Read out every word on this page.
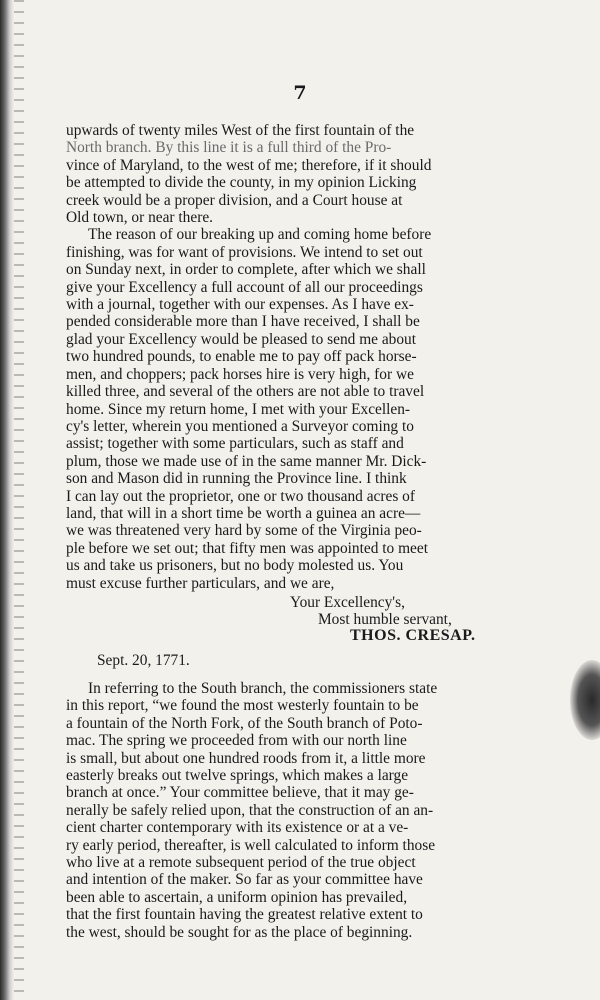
7

upwards of twenty miles West of the first fountain of the
North branch. By this line it is a full third of the Pro-
vince of Maryland, to the west of me; therefore, if it should
be attempted to divide the county, in my opinion Licking
creek would be a proper division, and a Court house at
Old town, or near there.
The reason of our breaking up and coming home before
finishing, was for want of provisions. We intend to set out
on Sunday next, in order to complete, after which we shall
give your Excellency a full account of all our proceedings
with a journal, together with our expenses. As I have ex-
pended considerable more than I have received, I shall be
glad your Excellency would be pleased to send me about
two hundred pounds, to enable me to pay off pack horse-
men, and choppers; pack horses hire is very high, for we
killed three, and several of the others are not able to travel
home. Since my return home, I met with your Excellen-
cy's letter, wherein you mentioned a Surveyor coming to
assist; together with some particulars, such as staff and
plum, those we made use of in the same manner Mr. Dick-
son and Mason did in running the Province line. I think
I can lay out the proprietor, one or two thousand acres of
land, that will in a short time be worth a guinea an acre—
we was threatened very hard by some of the Virginia peo-
ple before we set out; that fifty men was appointed to meet
us and take us prisoners, but no body molested us. You
must excuse further particulars, and we are,
Your Excellency's,
Most humble servant,
THOS. CRESAP.
Sept. 20, 1771.
In referring to the South branch, the commissioners state
in this report, “we found the most westerly fountain to be
a fountain of the North Fork, of the South branch of Poto-
mac. The spring we proceeded from with our north line
is small, but about one hundred roods from it, a little more
easterly breaks out twelve springs, which makes a large
branch at once.” Your committee believe, that it may ge-
nerally be safely relied upon, that the construction of an an-
cient charter contemporary with its existence or at a ve-
ry early period, thereafter, is well calculated to inform those
who live at a remote subsequent period of the true object
and intention of the maker. So far as your committee have
been able to ascertain, a uniform opinion has prevailed,
that the first fountain having the greatest relative extent to
the west, should be sought for as the place of beginning.
